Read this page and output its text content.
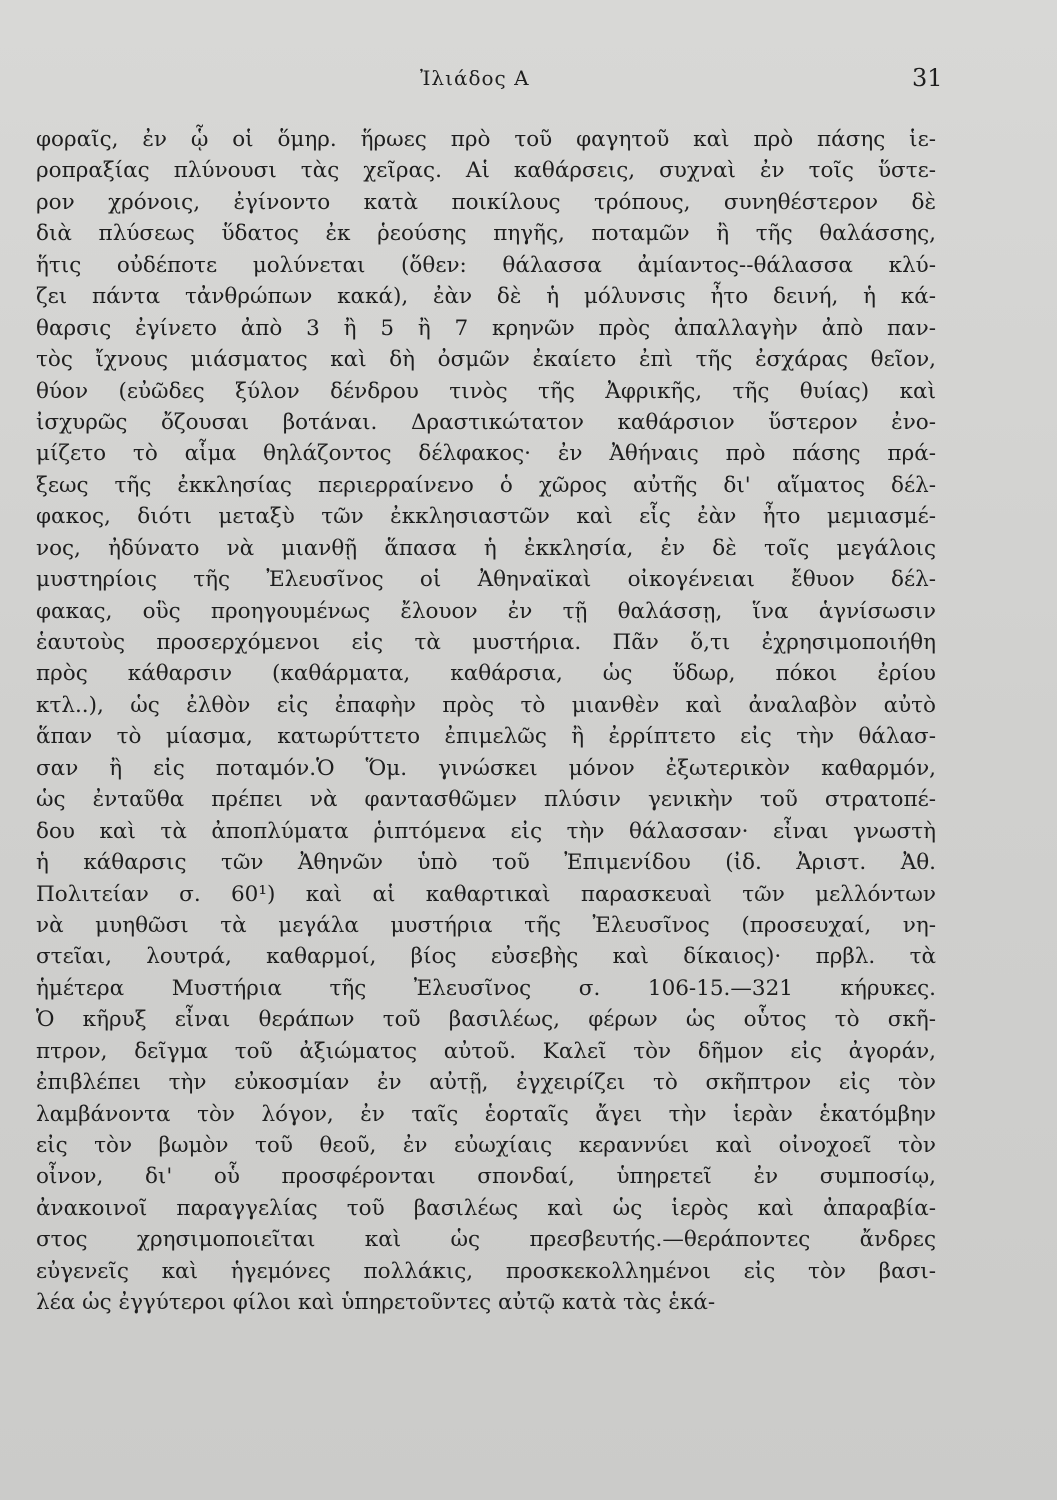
Ἰλιάδος Α	31
φοραῖς, ἐν ᾧ οἱ ὅμηρ. ἥρωες πρὸ τοῦ φαγητοῦ καὶ πρὸ πάσης ἱε-
ροπραξίας πλύνουσι τὰς χεῖρας. Αἱ καθάρσεις, συχναὶ ἐν τοῖς ὕστε-
ρον χρόνοις, ἐγίνοντο κατὰ ποικίλους τρόπους, συνηθέστερον δὲ
διὰ πλύσεως ὕδατος ἐκ ῥεούσης πηγῆς, ποταμῶν ἢ τῆς θαλάσσης,
ἥτις οὐδέποτε μολύνεται (ὅθεν: θάλασσα ἀμίαντος--θάλασσα κλύ-
ζει πάντα τἀνθρώπων κακά), ἐὰν δὲ ἡ μόλυνσις ἦτο δεινή, ἡ κά-
θαρσις ἐγίνετο ἀπὸ 3 ἢ 5 ἢ 7 κρηνῶν πρὸς ἀπαλλαγὴν ἀπὸ παν-
τὸς ἴχνους μιάσματος καὶ δὴ ὀσμῶν ἐκαίετο ἐπὶ τῆς ἐσχάρας θεῖον,
θύον (εὐῶδες ξύλον δένδρου τινὸς τῆς Ἀφρικῆς, τῆς θυίας) καὶ
ἰσχυρῶς ὄζουσαι βοτάναι. Δραστικώτατον καθάρσιον ὕστερον ἐνο-
μίζετο τὸ αἷμα θηλάζοντος δέλφακος· ἐν Ἀθήναις πρὸ πάσης πρά-
ξεως τῆς ἐκκλησίας περιερραίνενο ὁ χῶρος αὐτῆς δι' αἵματος δέλ-
φακος, διότι μεταξὺ τῶν ἐκκλησιαστῶν καὶ εἷς ἐὰν ἦτο μεμιασμέ-
νος, ἠδύνατο νὰ μιανθῇ ἅπασα ἡ ἐκκλησία, ἐν δὲ τοῖς μεγάλοις
μυστηρίοις τῆς Ἐλευσῖνος οἱ Ἀθηναϊκαὶ οἰκογένειαι ἔθυον δέλ-
φακας, οὓς προηγουμένως ἔλουον ἐν τῇ θαλάσσῃ, ἵνα ἁγνίσωσιν
ἑαυτοὺς προσερχόμενοι εἰς τὰ μυστήρια. Πᾶν ὅ,τι ἐχρησιμοποιήθη
πρὸς κάθαρσιν (καθάρματα, καθάρσια, ὡς ὕδωρ, πόκοι ἐρίου
κτλ..), ὡς ἐλθὸν εἰς ἐπαφὴν πρὸς τὸ μιανθὲν καὶ ἀναλαβὸν αὐτὸ
ἅπαν τὸ μίασμα, κατωρύττετο ἐπιμελῶς ἢ ἐρρίπτετο εἰς τὴν θάλασ-
σαν ἢ εἰς ποταμόν.Ὁ Ὅμ. γινώσκει μόνον ἐξωτερικὸν καθαρμόν,
ὡς ἐνταῦθα πρέπει νὰ φαντασθῶμεν πλύσιν γενικὴν τοῦ στρατοπέ-
δου καὶ τὰ ἀποπλύματα ῥιπτόμενα εἰς τὴν θάλασσαν· εἶναι γνωστὴ
ἡ κάθαρσις τῶν Ἀθηνῶν ὑπὸ τοῦ Ἐπιμενίδου (ἰδ. Ἀριστ. Ἀθ.
Πολιτείαν σ. 60¹) καὶ αἱ καθαρτικαὶ παρασκευαὶ τῶν μελλόντων
νὰ μυηθῶσι τὰ μεγάλα μυστήρια τῆς Ἐλευσῖνος (προσευχαί, νη-
στεῖαι, λουτρά, καθαρμοί, βίος εὐσεβὴς καὶ δίκαιος)· πρβλ. τὰ
ἡμέτερα Μυστήρια τῆς Ἐλευσῖνος σ. 106-15.—321 κήρυκες.
Ὁ κῆρυξ εἶναι θεράπων τοῦ βασιλέως, φέρων ὡς οὗτος τὸ σκῆ-
πτρον, δεῖγμα τοῦ ἀξιώματος αὐτοῦ. Καλεῖ τὸν δῆμον εἰς ἀγοράν,
ἐπιβλέπει τὴν εὐκοσμίαν ἐν αὐτῇ, ἐγχειρίζει τὸ σκῆπτρον εἰς τὸν
λαμβάνοντα τὸν λόγον, ἐν ταῖς ἑορταῖς ἄγει τὴν ἱερὰν ἑκατόμβην
εἰς τὸν βωμὸν τοῦ θεοῦ, ἐν εὐωχίαις κεραννύει καὶ οἰνοχοεῖ τὸν
οἶνον, δι' οὗ προσφέρονται σπονδαί, ὑπηρετεῖ ἐν συμποσίῳ,
ἀνακοινοῖ παραγγελίας τοῦ βασιλέως καὶ ὡς ἱερὸς καὶ ἀπαραβία-
στος χρησιμοποιεῖται καὶ ὡς πρεσβευτής.—θεράποντες ἄνδρες
εὐγενεῖς καὶ ἡγεμόνες πολλάκις, προσκεκολλημένοι εἰς τὸν βασι-
λέα ὡς ἐγγύτεροι φίλοι καὶ ὑπηρετοῦντες αὐτῷ κατὰ τὰς ἑκά-
